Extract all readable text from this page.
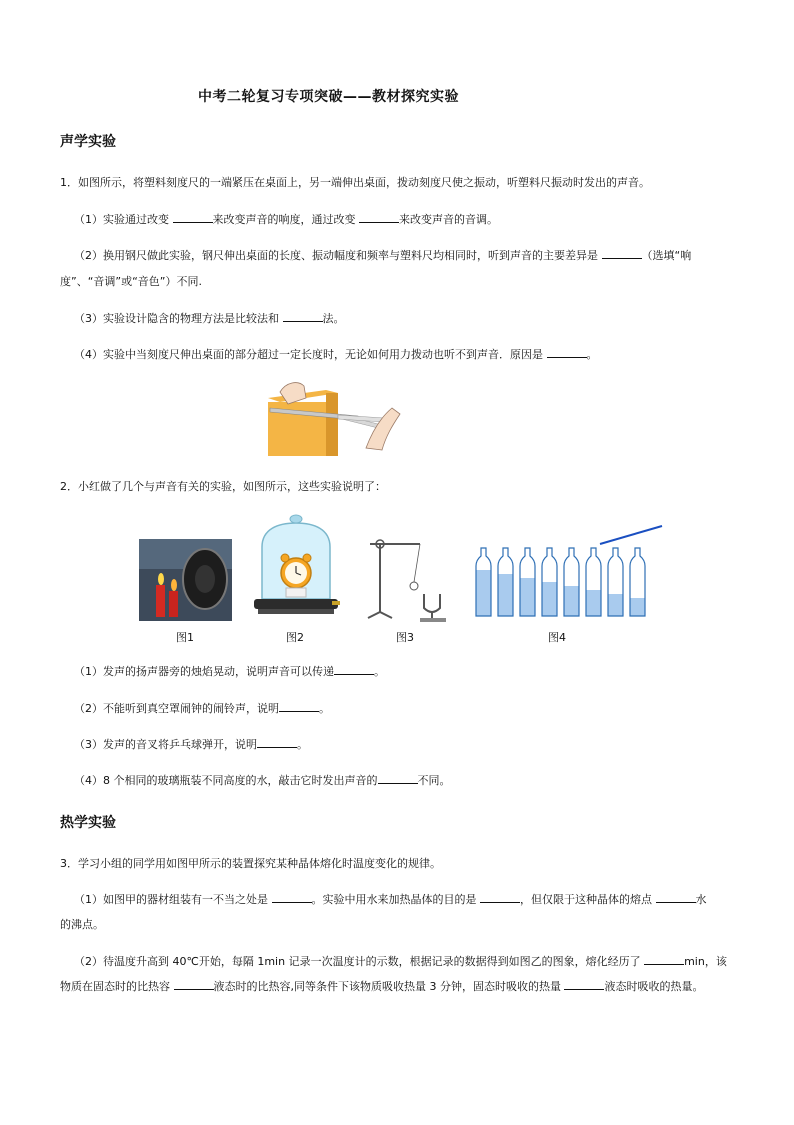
中考二轮复习专项突破——教材探究实验
声学实验
1．如图所示，将塑料刻度尺的一端紧压在桌面上，另一端伸出桌面，拨动刻度尺使之振动，听塑料尺振动时发出的声音。
（1）实验通过改变	来改变声音的响度，通过改变	来改变声音的音调。
（2）换用钢尺做此实验，钢尺伸出桌面的长度、振动幅度和频率与塑料尺均相同时，听到声音的主要差异是	（选填“响
度”、“音调”或“音色”）不同.
（3）实验设计隐含的物理方法是比较法和	法。
（4）实验中当刻度尺伸出桌面的部分超过一定长度时，无论如何用力拨动也听不到声音．原因是	。
2．小红做了几个与声音有关的实验，如图所示，这些实验说明了：
图1	图2	图3	图4
（1）发声的扬声器旁的烛焰晃动，说明声音可以传递	。
（2）不能听到真空罩闹钟的闹铃声，说明	。
（3）发声的音叉将乒乓球弹开，说明	。
（4）8 个相同的玻璃瓶装不同高度的水，敲击它时发出声音的	不同。
热学实验
3．学习小组的同学用如图甲所示的装置探究某种晶体熔化时温度变化的规律。
（1）如图甲的器材组装有一不当之处是	。实验中用水来加热晶体的目的是	，但仅限于这种晶体的熔点	水
的沸点。
（2）待温度升高到 40℃开始，每隔 1min 记录一次温度计的示数，根据记录的数据得到如图乙的图象，熔化经历了	min，该
物质在固态时的比热容	液态时的比热容,同等条件下该物质吸收热量 3 分钟，固态时吸收的热量	液态时吸收的热量。
